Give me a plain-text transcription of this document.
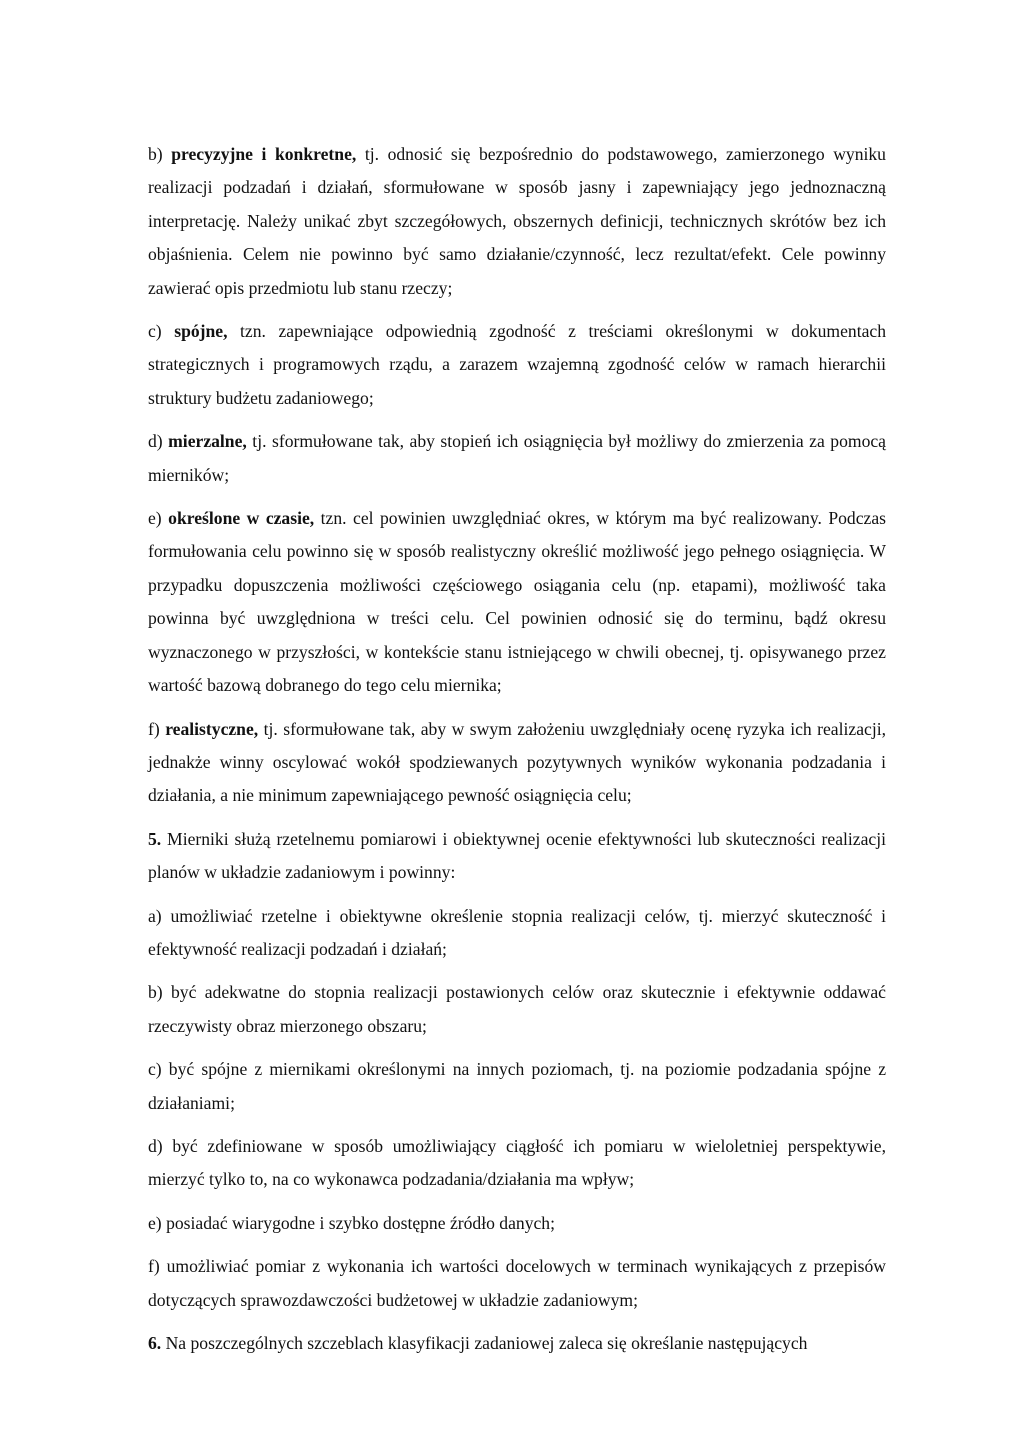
b) precyzyjne i konkretne, tj. odnosić się bezpośrednio do podstawowego, zamierzonego wyniku realizacji podzadań i działań, sformułowane w sposób jasny i zapewniający jego jednoznaczną interpretację. Należy unikać zbyt szczegółowych, obszernych definicji, technicznych skrótów bez ich objaśnienia. Celem nie powinno być samo działanie/czynność, lecz rezultat/efekt. Cele powinny zawierać opis przedmiotu lub stanu rzeczy;

c) spójne, tzn. zapewniające odpowiednią zgodność z treściami określonymi w dokumentach strategicznych i programowych rządu, a zarazem wzajemną zgodność celów w ramach hierarchii struktury budżetu zadaniowego;

d) mierzalne, tj. sformułowane tak, aby stopień ich osiągnięcia był możliwy do zmierzenia za pomocą mierników;

e) określone w czasie, tzn. cel powinien uwzględniać okres, w którym ma być realizowany. Podczas formułowania celu powinno się w sposób realistyczny określić możliwość jego pełnego osiągnięcia. W przypadku dopuszczenia możliwości częściowego osiągania celu (np. etapami), możliwość taka powinna być uwzględniona w treści celu. Cel powinien odnosić się do terminu, bądź okresu wyznaczonego w przyszłości, w kontekście stanu istniejącego w chwili obecnej, tj. opisywanego przez wartość bazową dobranego do tego celu miernika;

f) realistyczne, tj. sformułowane tak, aby w swym założeniu uwzględniały ocenę ryzyka ich realizacji, jednakże winny oscylować wokół spodziewanych pozytywnych wyników wykonania podzadania i działania, a nie minimum zapewniającego pewność osiągnięcia celu;

5. Mierniki służą rzetelnemu pomiarowi i obiektywnej ocenie efektywności lub skuteczności realizacji planów w układzie zadaniowym i powinny:

a) umożliwiać rzetelne i obiektywne określenie stopnia realizacji celów, tj. mierzyć skuteczność i efektywność realizacji podzadań i działań;

b) być adekwatne do stopnia realizacji postawionych celów oraz skutecznie i efektywnie oddawać rzeczywisty obraz mierzonego obszaru;

c) być spójne z miernikami określonymi na innych poziomach, tj. na poziomie podzadania spójne z działaniami;

d) być zdefiniowane w sposób umożliwiający ciągłość ich pomiaru w wieloletniej perspektywie, mierzyć tylko to, na co wykonawca podzadania/działania ma wpływ;

e) posiadać wiarygodne i szybko dostępne źródło danych;

f) umożliwiać pomiar z wykonania ich wartości docelowych w terminach wynikających z przepisów dotyczących sprawozdawczości budżetowej w układzie zadaniowym;

6. Na poszczególnych szczeblach klasyfikacji zadaniowej zaleca się określanie następujących
